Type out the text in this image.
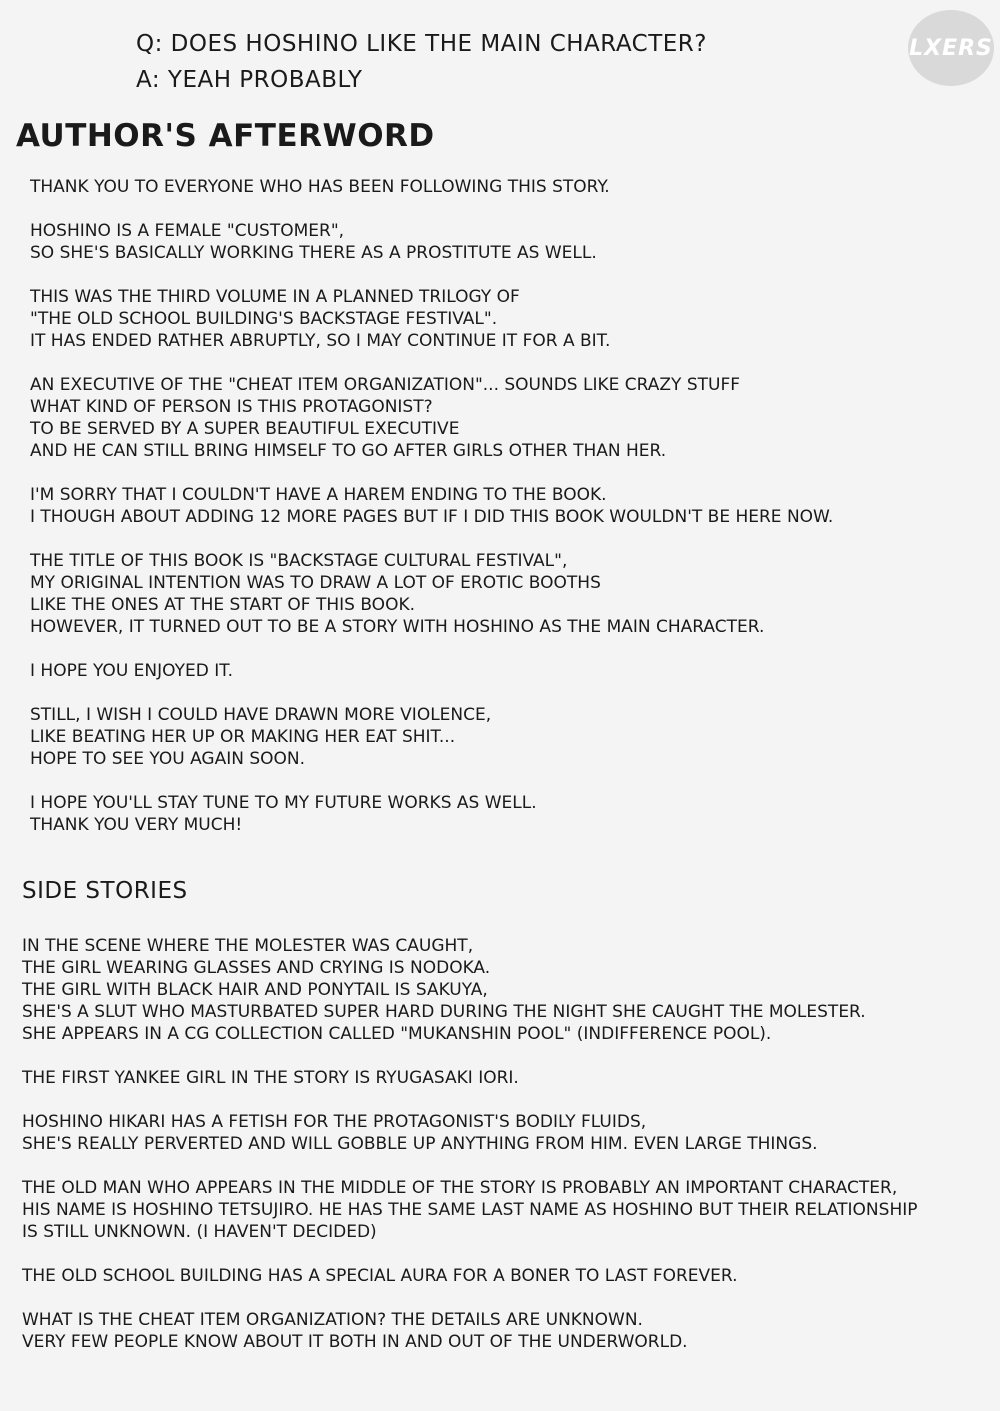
LXERS
Q: DOES HOSHINO LIKE THE MAIN CHARACTER?
A: YEAH PROBABLY
AUTHOR'S AFTERWORD
THANK YOU TO EVERYONE WHO HAS BEEN FOLLOWING THIS STORY.
HOSHINO IS A FEMALE "CUSTOMER",
SO SHE'S BASICALLY WORKING THERE AS A PROSTITUTE AS WELL.
THIS WAS THE THIRD VOLUME IN A PLANNED TRILOGY OF
"THE OLD SCHOOL BUILDING'S BACKSTAGE FESTIVAL".
IT HAS ENDED RATHER ABRUPTLY, SO I MAY CONTINUE IT FOR A BIT.
AN EXECUTIVE OF THE "CHEAT ITEM ORGANIZATION"... SOUNDS LIKE CRAZY STUFF
WHAT KIND OF PERSON IS THIS PROTAGONIST?
TO BE SERVED BY A SUPER BEAUTIFUL EXECUTIVE
AND HE CAN STILL BRING HIMSELF TO GO AFTER GIRLS OTHER THAN HER.
I'M SORRY THAT I COULDN'T HAVE A HAREM ENDING TO THE BOOK.
I THOUGH ABOUT ADDING 12 MORE PAGES BUT IF I DID THIS BOOK WOULDN'T BE HERE NOW.
THE TITLE OF THIS BOOK IS "BACKSTAGE CULTURAL FESTIVAL",
MY ORIGINAL INTENTION WAS TO DRAW A LOT OF EROTIC BOOTHS
LIKE THE ONES AT THE START OF THIS BOOK.
HOWEVER, IT TURNED OUT TO BE A STORY WITH HOSHINO AS THE MAIN CHARACTER.
I HOPE YOU ENJOYED IT.
STILL, I WISH I COULD HAVE DRAWN MORE VIOLENCE,
LIKE BEATING HER UP OR MAKING HER EAT SHIT...
HOPE TO SEE YOU AGAIN SOON.
I HOPE YOU'LL STAY TUNE TO MY FUTURE WORKS AS WELL.
THANK YOU VERY MUCH!
SIDE STORIES
IN THE SCENE WHERE THE MOLESTER WAS CAUGHT,
THE GIRL WEARING GLASSES AND CRYING IS NODOKA.
THE GIRL WITH BLACK HAIR AND PONYTAIL IS SAKUYA,
SHE'S A SLUT WHO MASTURBATED SUPER HARD DURING THE NIGHT SHE CAUGHT THE MOLESTER.
SHE APPEARS IN A CG COLLECTION CALLED "MUKANSHIN POOL" (INDIFFERENCE POOL).
THE FIRST YANKEE GIRL IN THE STORY IS RYUGASAKI IORI.
HOSHINO HIKARI HAS A FETISH FOR THE PROTAGONIST'S BODILY FLUIDS,
SHE'S REALLY PERVERTED AND WILL GOBBLE UP ANYTHING FROM HIM. EVEN LARGE THINGS.
THE OLD MAN WHO APPEARS IN THE MIDDLE OF THE STORY IS PROBABLY AN IMPORTANT CHARACTER,
HIS NAME IS HOSHINO TETSUJIRO. HE HAS THE SAME LAST NAME AS HOSHINO BUT THEIR RELATIONSHIP
IS STILL UNKNOWN. (I HAVEN'T DECIDED)
THE OLD SCHOOL BUILDING HAS A SPECIAL AURA FOR A BONER TO LAST FOREVER.
WHAT IS THE CHEAT ITEM ORGANIZATION? THE DETAILS ARE UNKNOWN.
VERY FEW PEOPLE KNOW ABOUT IT BOTH IN AND OUT OF THE UNDERWORLD.
